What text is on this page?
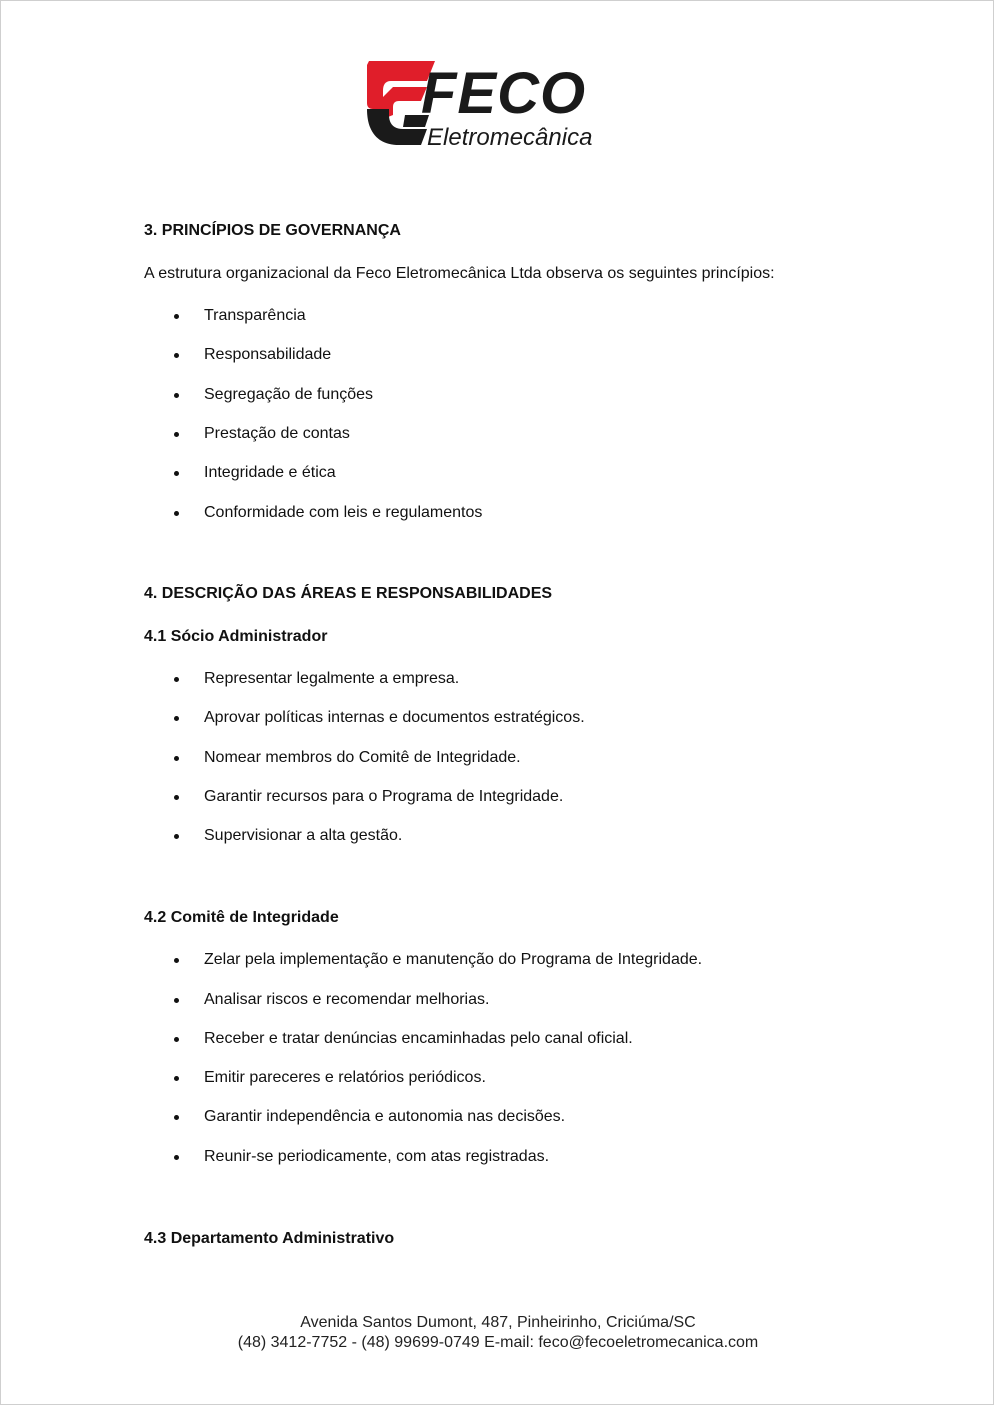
FECO
Eletromecânica
3. PRINCÍPIOS DE GOVERNANÇA
A estrutura organizacional da Feco Eletromecânica Ltda observa os seguintes princípios:
Transparência
Responsabilidade
Segregação de funções
Prestação de contas
Integridade e ética
Conformidade com leis e regulamentos
4. DESCRIÇÃO DAS ÁREAS E RESPONSABILIDADES
4.1 Sócio Administrador
Representar legalmente a empresa.
Aprovar políticas internas e documentos estratégicos.
Nomear membros do Comitê de Integridade.
Garantir recursos para o Programa de Integridade.
Supervisionar a alta gestão.
4.2 Comitê de Integridade
Zelar pela implementação e manutenção do Programa de Integridade.
Analisar riscos e recomendar melhorias.
Receber e tratar denúncias encaminhadas pelo canal oficial.
Emitir pareceres e relatórios periódicos.
Garantir independência e autonomia nas decisões.
Reunir-se periodicamente, com atas registradas.
4.3 Departamento Administrativo
Avenida Santos Dumont, 487, Pinheirinho, Criciúma/SC
(48) 3412-7752 - (48) 99699-0749 E-mail: feco@fecoeletromecanica.com
